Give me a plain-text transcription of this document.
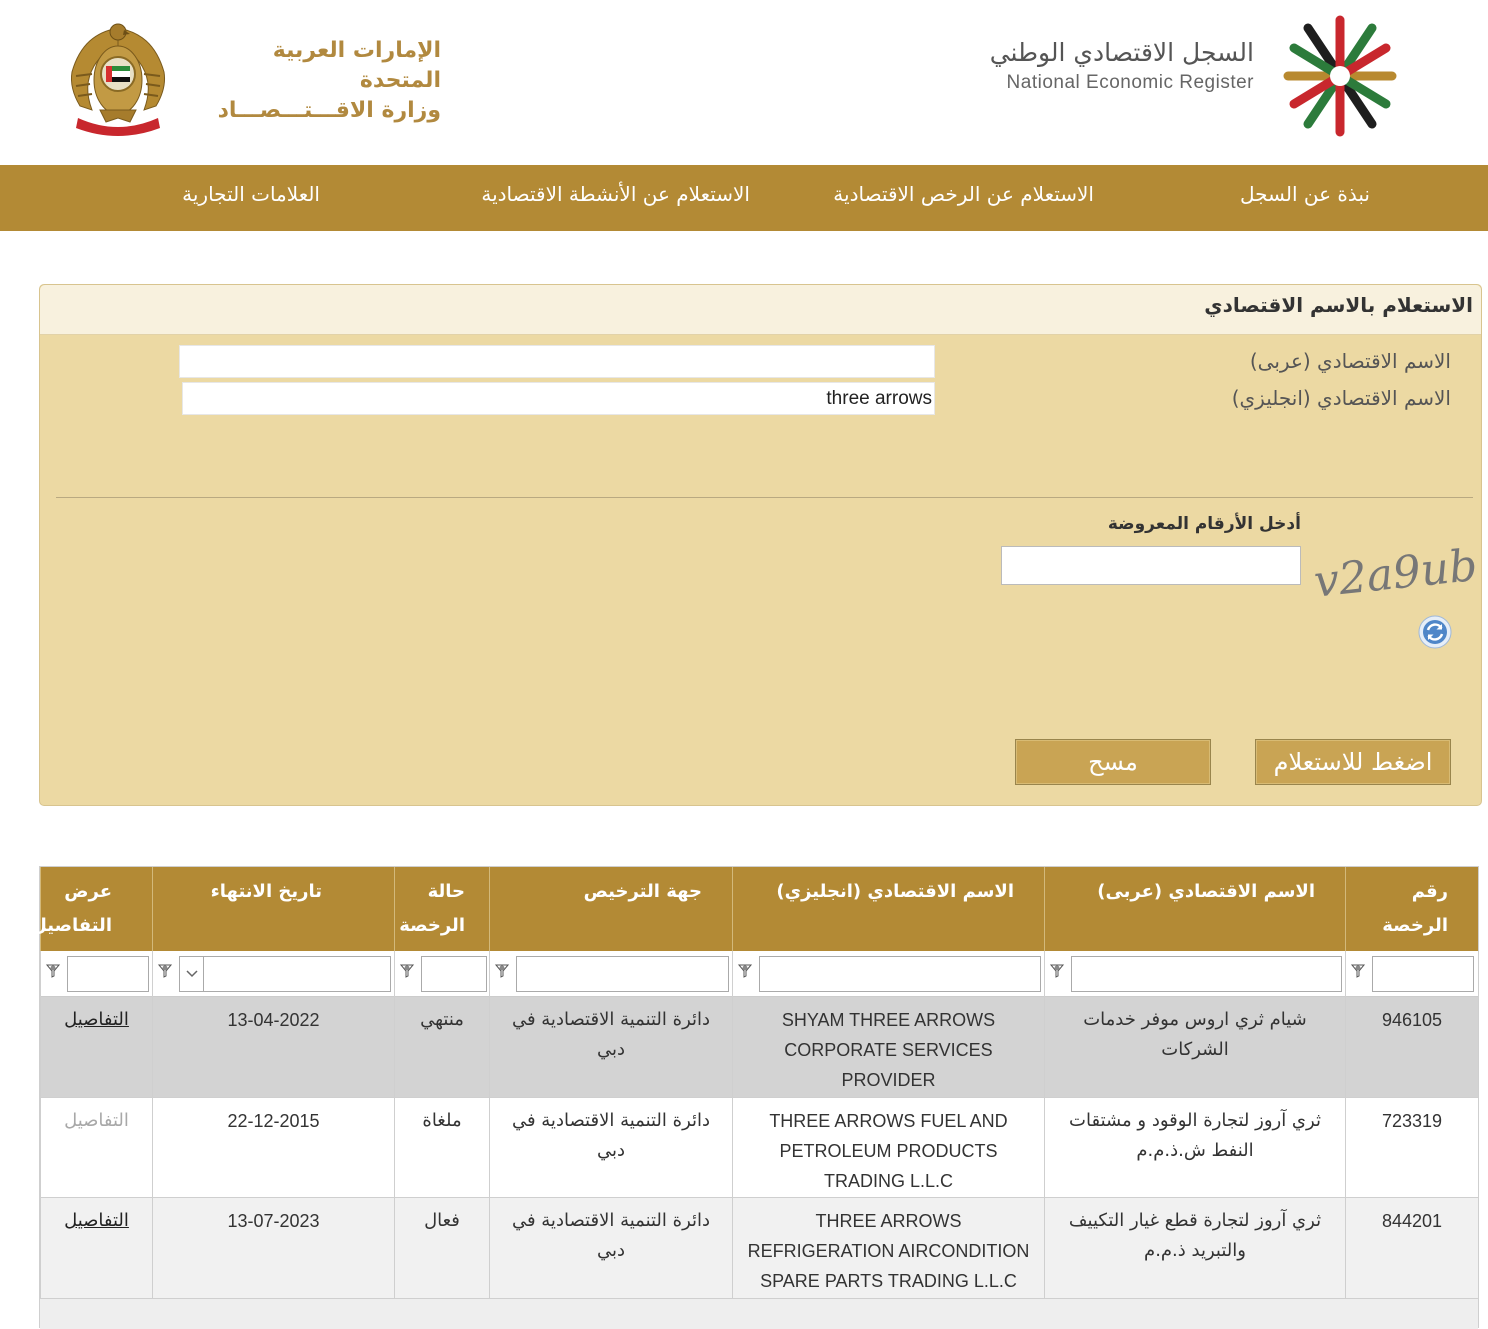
الإمارات العربية المتحدة
وزارة الاقـــتـــصـــاد
السجل الاقتصادي الوطني
National Economic Register
نبذة عن السجل
الاستعلام عن الرخص الاقتصادية
الاستعلام عن الأنشطة الاقتصادية
العلامات التجارية
الاستعلام بالاسم الاقتصادي
الاسم الاقتصادي (عربى)
الاسم الاقتصادي (انجليزي)
three arrows
أدخل الأرقام المعروضة
v2a9ub
اضغط للاستعلام
مسح
رقم الرخصة
الاسم الاقتصادي (عربى)
الاسم الاقتصادي (انجليزي)
جهة الترخيص
حالة الرخصة
تاريخ الانتهاء
عرض التفاصيل
946105
شيام ثري اروس موفر خدمات الشركات
SHYAM THREE ARROWS CORPORATE SERVICES PROVIDER
دائرة التنمية الاقتصادية في دبي
منتهي
13-04-2022
التفاصيل
723319
ثري آروز لتجارة الوقود و مشتقات النفط ش.ذ.م.م
THREE ARROWS FUEL AND PETROLEUM PRODUCTS TRADING L.L.C
دائرة التنمية الاقتصادية في دبي
ملغاة
22-12-2015
التفاصيل
844201
ثري آروز لتجارة قطع غيار التكييف والتبريد ذ.م.م
THREE ARROWS REFRIGERATION AIRCONDITION SPARE PARTS TRADING L.L.C
دائرة التنمية الاقتصادية في دبي
فعال
13-07-2023
التفاصيل
